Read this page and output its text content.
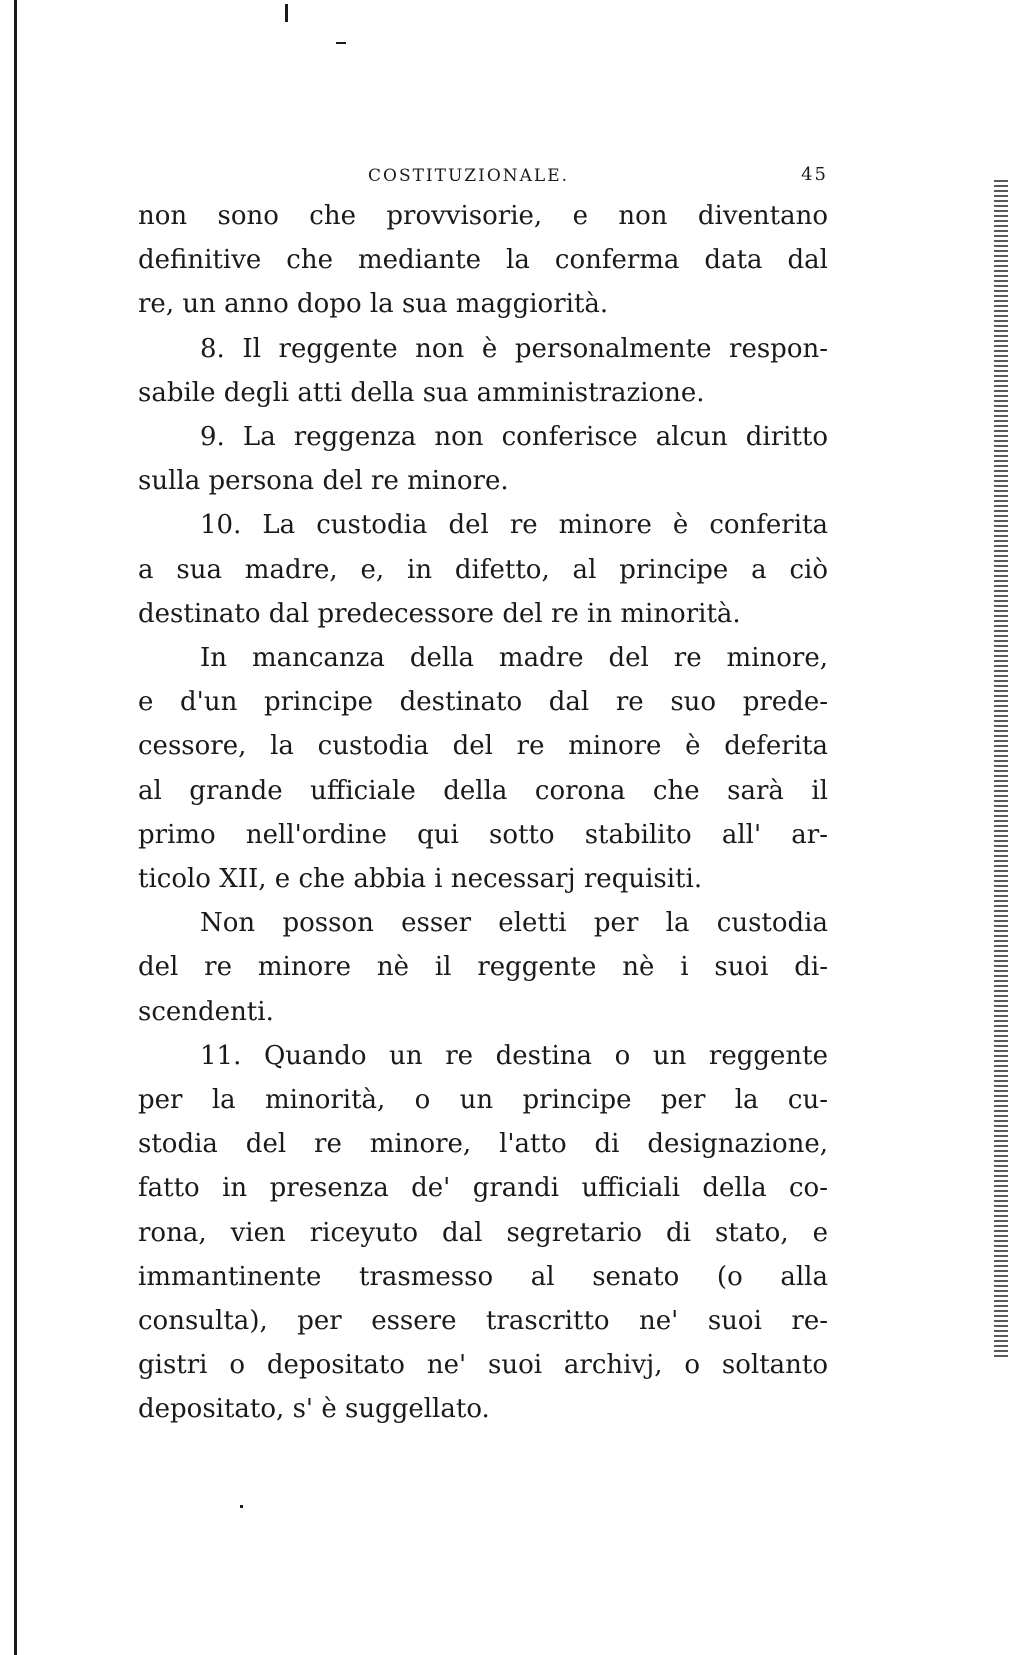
COSTITUZIONALE.	45
non sono che provvisorie, e non diventano
definitive che mediante la conferma data dal
re, un anno dopo la sua maggiorità.
8. Il reggente non è personalmente respon-
sabile degli atti della sua amministrazione.
9. La reggenza non conferisce alcun diritto
sulla persona del re minore.
10. La custodia del re minore è conferita
a sua madre, e, in difetto, al principe a ciò
destinato dal predecessore del re in minorità.
In mancanza della madre del re minore,
e d'un principe destinato dal re suo prede-
cessore, la custodia del re minore è deferita
al grande ufficiale della corona che sarà il
primo nell'ordine qui sotto stabilito all' ar-
ticolo XII, e che abbia i necessarj requisiti.
Non posson esser eletti per la custodia
del re minore nè il reggente nè i suoi di-
scendenti.
11. Quando un re destina o un reggente
per la minorità, o un principe per la cu-
stodia del re minore, l'atto di designazione,
fatto in presenza de' grandi ufficiali della co-
rona, vien riceyuto dal segretario di stato, e
immantinente trasmesso al senato (o alla
consulta), per essere trascritto ne' suoi re-
gistri o depositato ne' suoi archivj, o soltanto
depositato, s' è suggellato.
